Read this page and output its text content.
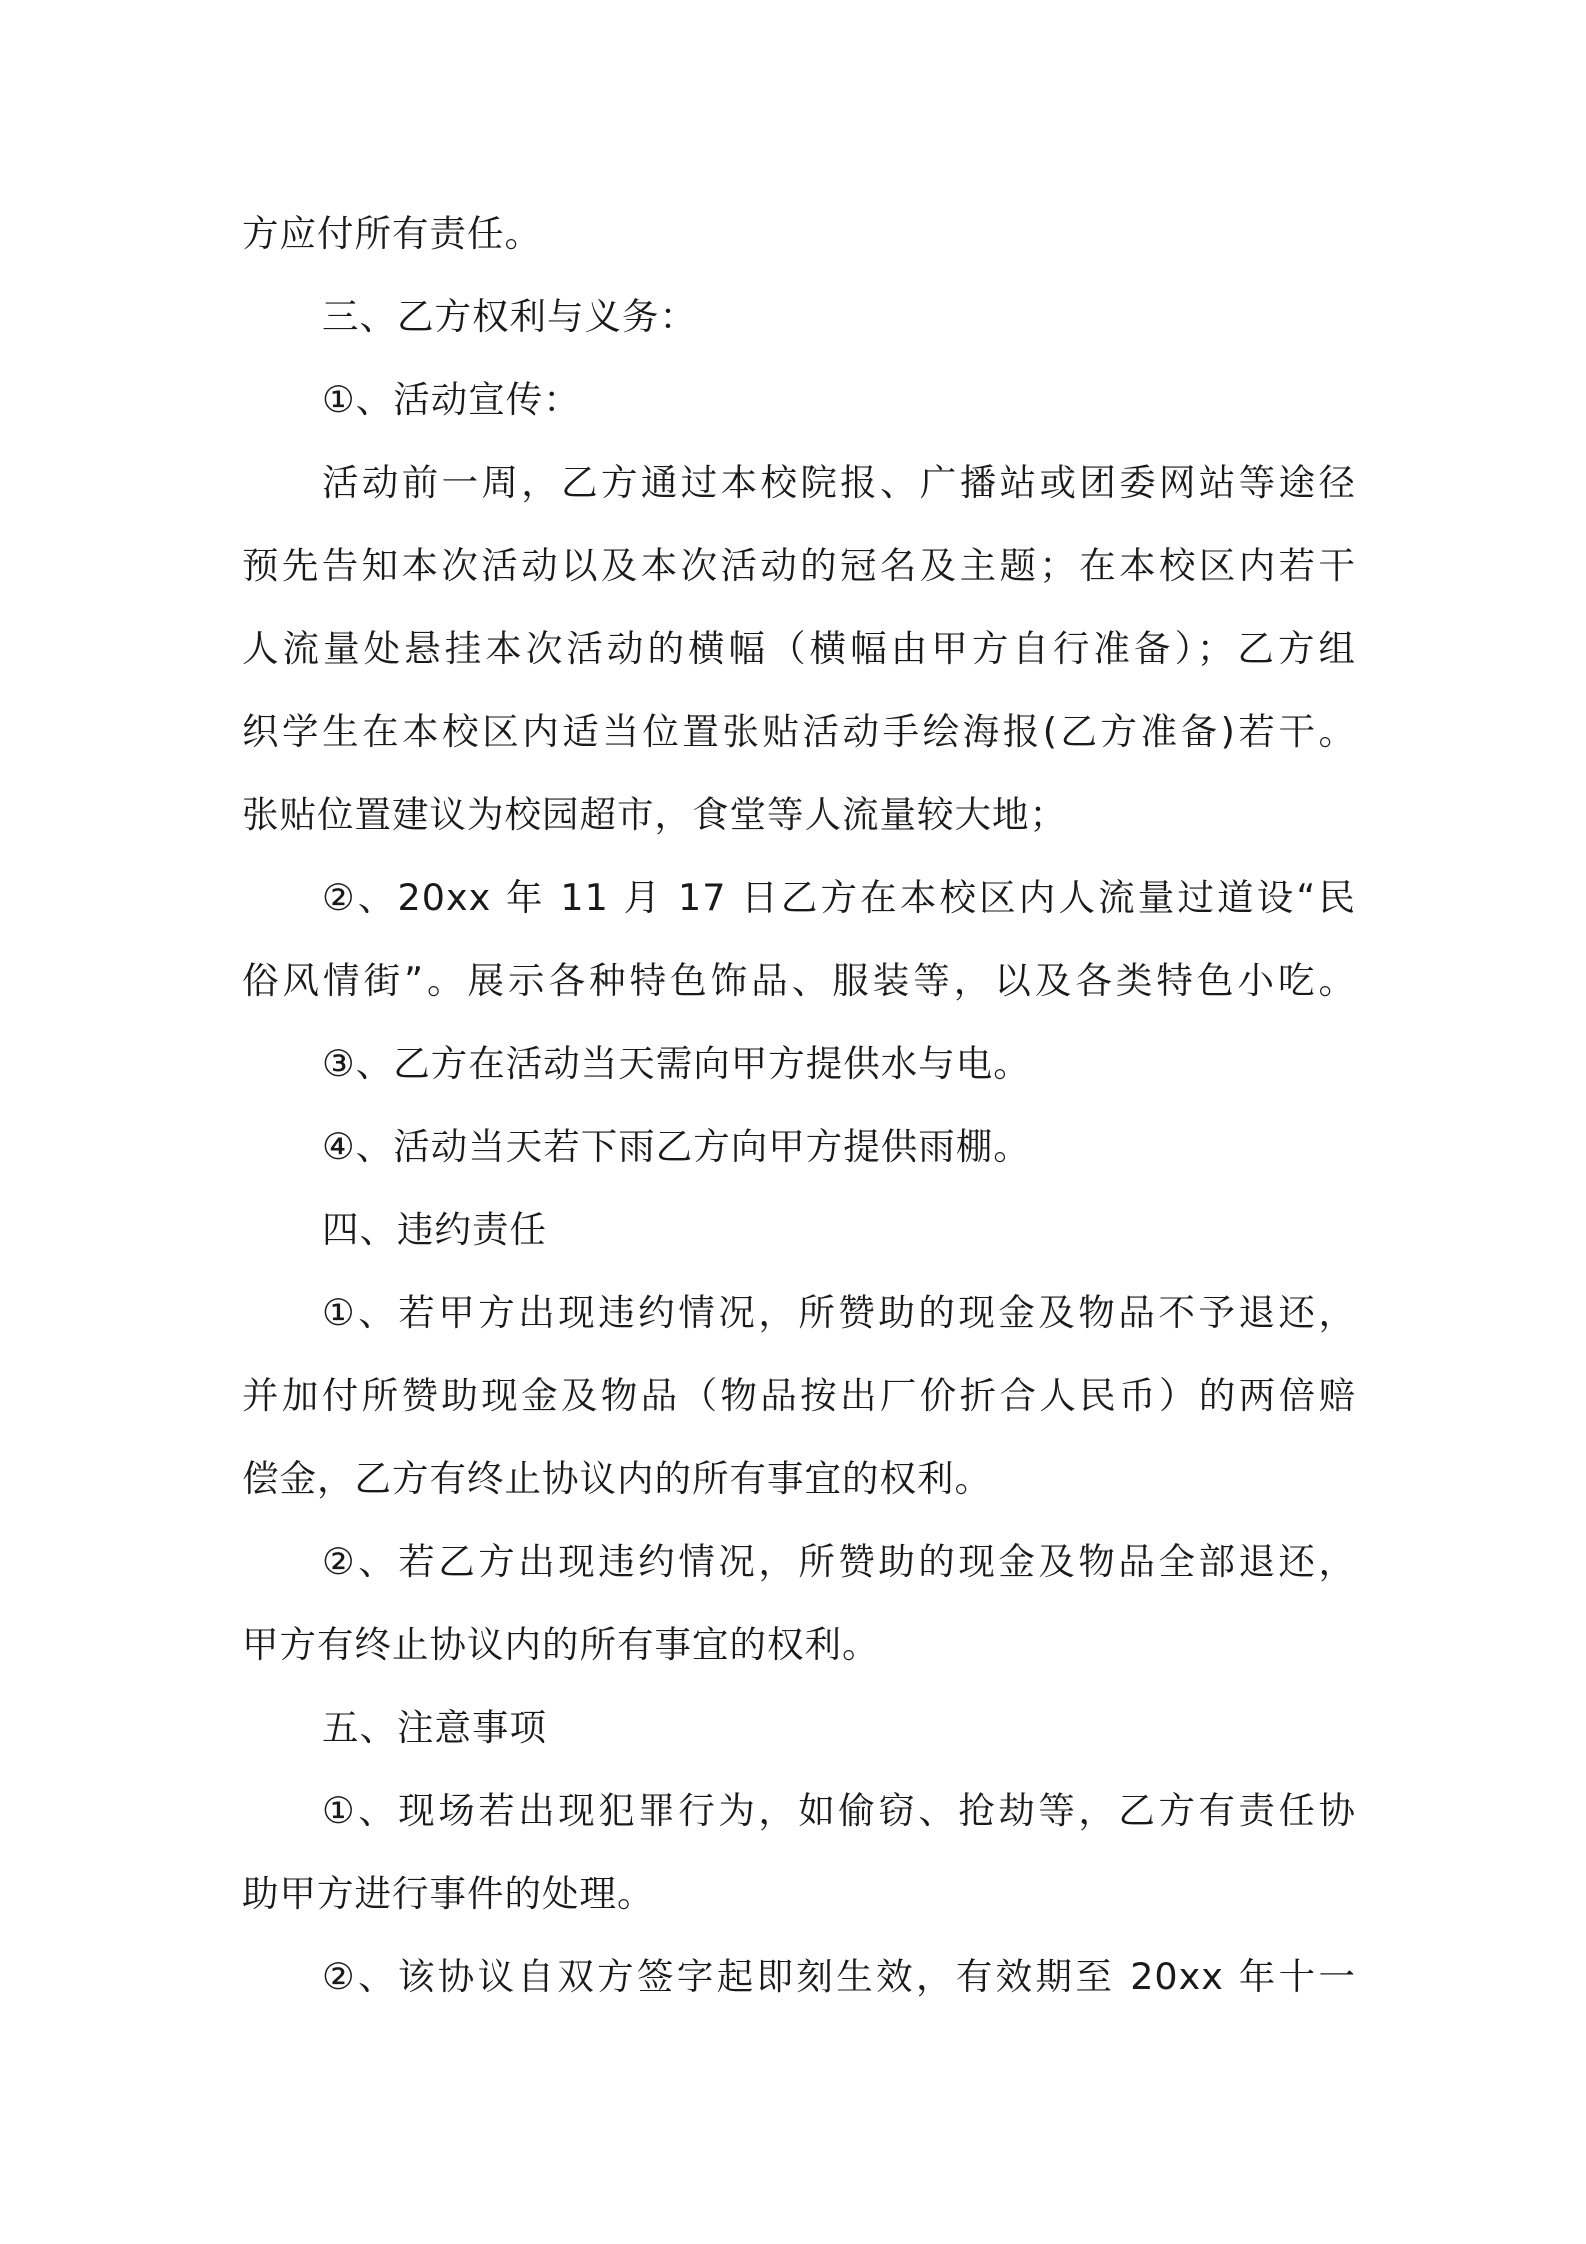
方应付所有责任。
三、乙方权利与义务：
①、活动宣传：
活动前一周，乙方通过本校院报、广播站或团委网站等途径
预先告知本次活动以及本次活动的冠名及主题；在本校区内若干
人流量处悬挂本次活动的横幅（横幅由甲方自行准备）；乙方组
织学生在本校区内适当位置张贴活动手绘海报(乙方准备)若干。
张贴位置建议为校园超市，食堂等人流量较大地；
②、20xx 年 11 月 17 日乙方在本校区内人流量过道设“民
俗风情街”。展示各种特色饰品、服装等，以及各类特色小吃。
③、乙方在活动当天需向甲方提供水与电。
④、活动当天若下雨乙方向甲方提供雨棚。
四、违约责任
①、若甲方出现违约情况，所赞助的现金及物品不予退还，
并加付所赞助现金及物品（物品按出厂价折合人民币）的两倍赔
偿金，乙方有终止协议内的所有事宜的权利。
②、若乙方出现违约情况，所赞助的现金及物品全部退还，
甲方有终止协议内的所有事宜的权利。
五、注意事项
①、现场若出现犯罪行为，如偷窃、抢劫等，乙方有责任协
助甲方进行事件的处理。
②、该协议自双方签字起即刻生效，有效期至 20xx 年十一
